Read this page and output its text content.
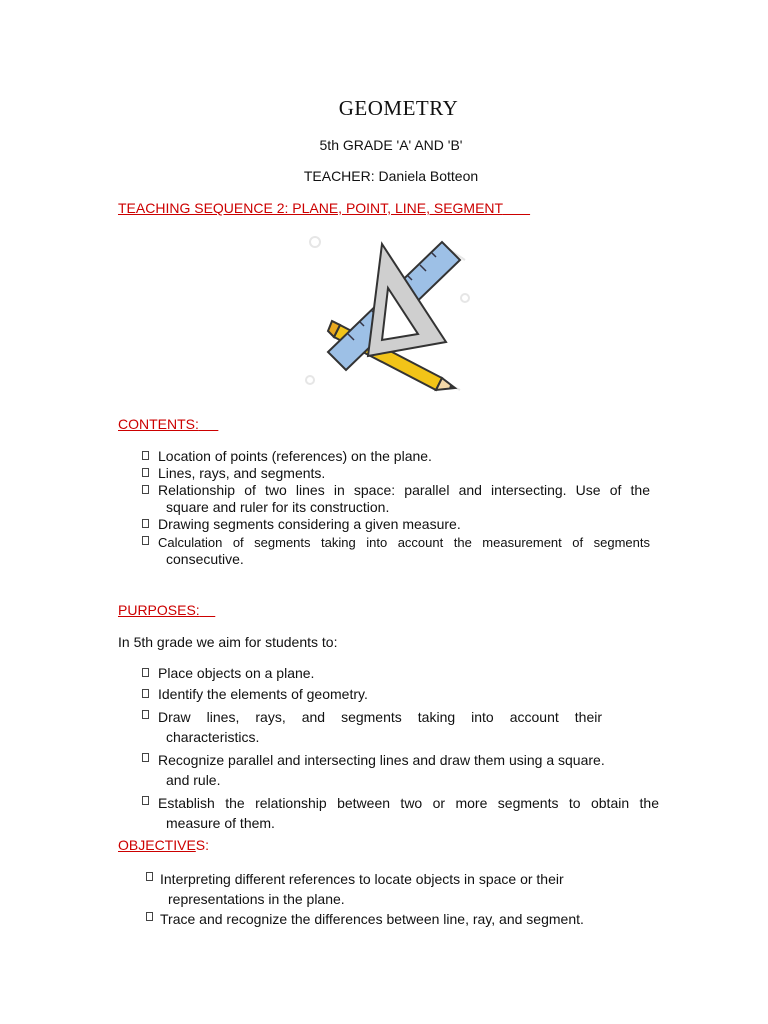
GEOMETRY
5th GRADE 'A' AND 'B'
TEACHER: Daniela Botteon
TEACHING SEQUENCE 2: PLANE, POINT, LINE, SEGMENT
CONTENTS:
Location of points (references) on the plane.
Lines, rays, and segments.
Relationship of two lines in space: parallel and intersecting. Use of the
square and ruler for its construction.
Drawing segments considering a given measure.
Calculation of segments taking into account the measurement of segments
consecutive.
PURPOSES:
In 5th grade we aim for students to:
Place objects on a plane.
Identify the elements of geometry.
Draw lines, rays, and segments taking into account their
characteristics.
Recognize parallel and intersecting lines and draw them using a square.
and rule.
Establish the relationship between two or more segments to obtain the
measure of them.
OBJECTIVES:
Interpreting different references to locate objects in space or their
representations in the plane.
Trace and recognize the differences between line, ray, and segment.
